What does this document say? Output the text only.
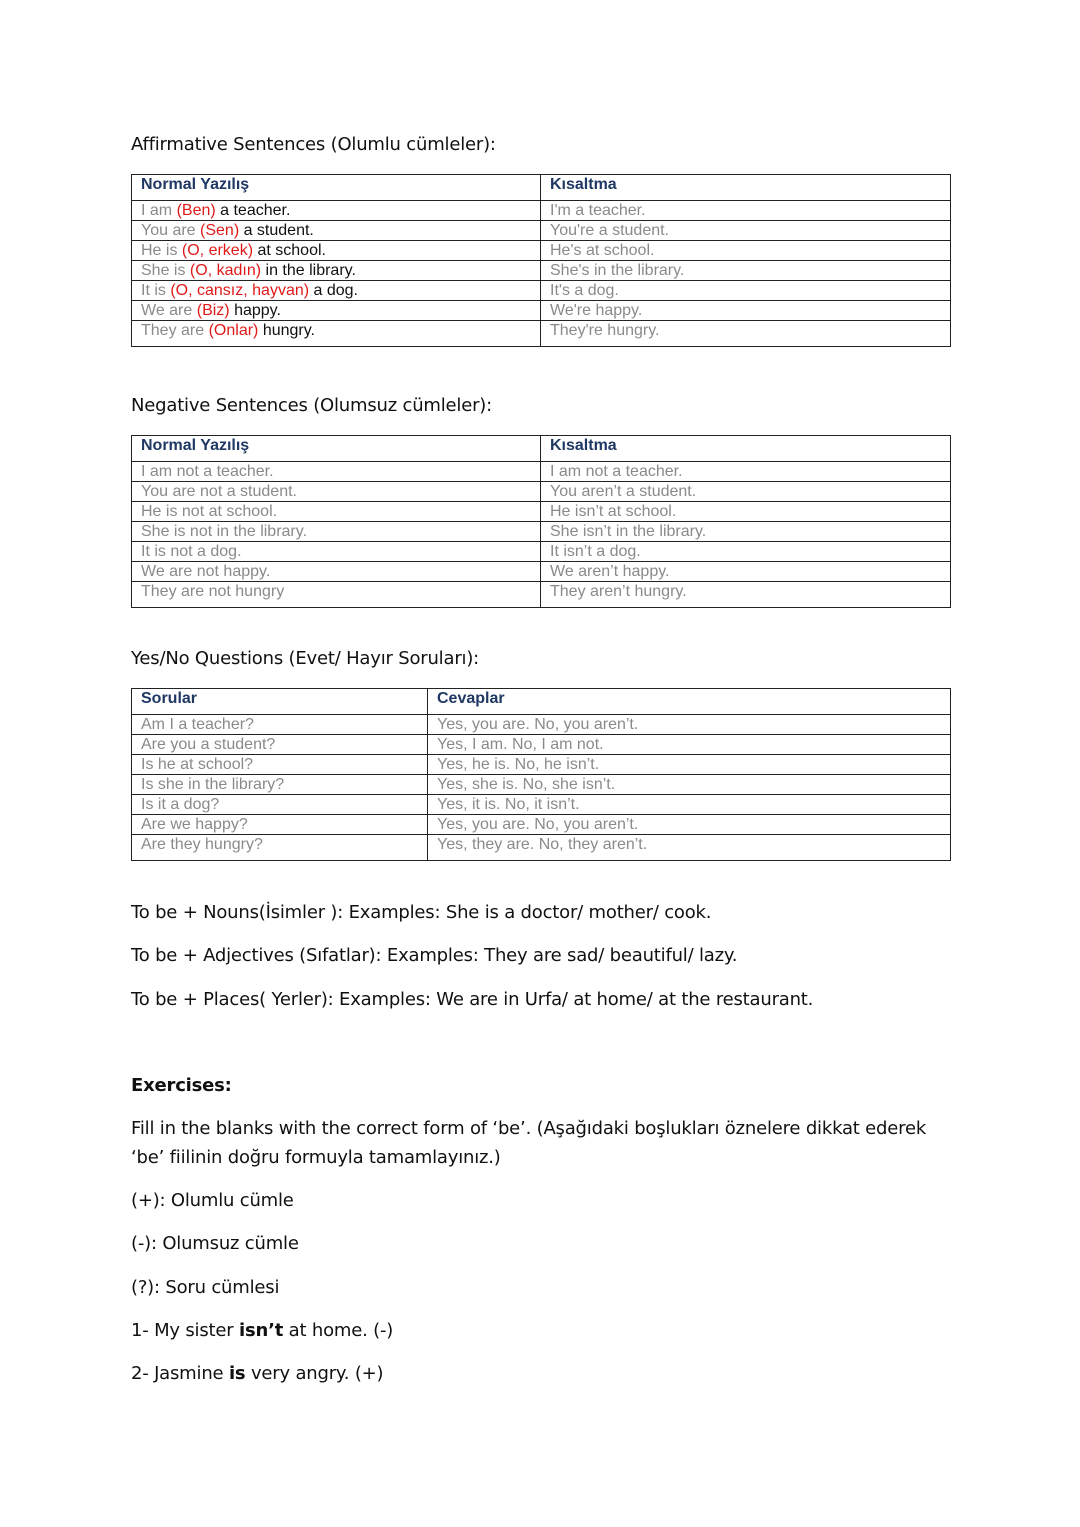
Affirmative Sentences (Olumlu cümleler):
Normal Yazılış	Kısaltma
I am (Ben) a teacher.	I'm a teacher.
You are (Sen) a student.	You're a student.
He is (O, erkek) at school.	He's at school.
She is (O, kadın) in the library.	She's in the library.
It is (O, cansız, hayvan) a dog.	It's a dog.
We are (Biz) happy.	We're happy.
They are (Onlar) hungry.	They're hungry.
Negative Sentences (Olumsuz cümleler):
Normal Yazılış	Kısaltma
I am not a teacher.	I am not a teacher.
You are not a student.	You aren’t a student.
He is not at school.	He isn’t at school.
She is not in the library.	She isn’t in the library.
It is not a dog.	It isn’t a dog.
We are not happy.	We aren’t happy.
They are not hungry	They aren’t hungry.
Yes/No Questions (Evet/ Hayır Soruları):
Sorular	Cevaplar
Am I a teacher?	Yes, you are. No, you aren’t.
Are you a student?	Yes, I am. No, I am not.
Is he at school?	Yes, he is. No, he isn’t.
Is she in the library?	Yes, she is. No, she isn’t.
Is it a dog?	Yes, it is. No, it isn’t.
Are we happy?	Yes, you are. No, you aren’t.
Are they hungry?	Yes, they are. No, they aren’t.
To be + Nouns(İsimler ): Examples: She is a doctor/ mother/ cook.
To be + Adjectives (Sıfatlar): Examples: They are sad/ beautiful/ lazy.
To be + Places( Yerler): Examples: We are in Urfa/ at home/ at the restaurant.
Exercises:
Fill in the blanks with the correct form of ‘be’. (Aşağıdaki boşlukları öznelere dikkat ederek
‘be’ fiilinin doğru formuyla tamamlayınız.)
(+): Olumlu cümle
(-): Olumsuz cümle
(?): Soru cümlesi
1- My sister isn’t at home. (-)
2- Jasmine is very angry. (+)
